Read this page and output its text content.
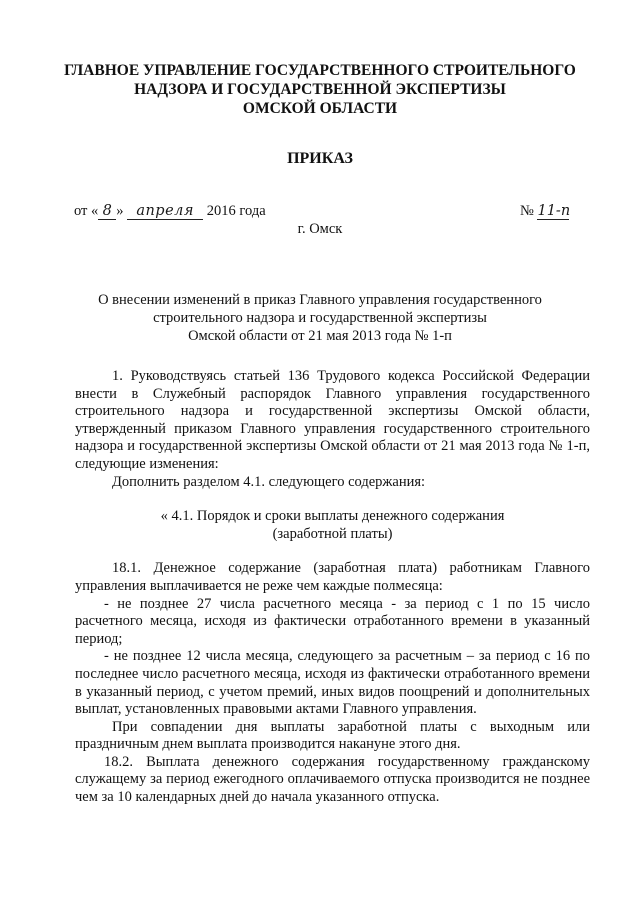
ГЛАВНОЕ УПРАВЛЕНИЕ ГОСУДАРСТВЕННОГО СТРОИТЕЛЬНОГО
НАДЗОРА И ГОСУДАРСТВЕННОЙ ЭКСПЕРТИЗЫ
ОМСКОЙ ОБЛАСТИ
ПРИКАЗ
от « 8 » апреля 2016 года	№ 11-п
г. Омск
О внесении изменений в приказ Главного управления государственного
строительного надзора и государственной экспертизы
Омской области от 21 мая 2013 года № 1-п

1. Руководствуясь статьей 136 Трудового кодекса Российской Федерации внести в Служебный распорядок Главного управления государственного строительного надзора и государственной экспертизы Омской области, утвержденный приказом Главного управления государственного строительного надзора и государственной экспертизы Омской области от 21 мая 2013 года № 1-п, следующие изменения:

Дополнить разделом 4.1. следующего содержания:

« 4.1. Порядок и сроки выплаты денежного содержания
(заработной платы)

18.1. Денежное содержание (заработная плата) работникам Главного управления выплачивается не реже чем каждые полмесяца:

- не позднее 27 числа расчетного месяца - за период с 1 по 15 число расчетного месяца, исходя из фактически отработанного времени в указанный период;

- не позднее 12 числа месяца, следующего за расчетным – за период с 16 по последнее число расчетного месяца, исходя из фактически отработанного времени в указанный период, с учетом премий, иных видов поощрений и дополнительных выплат, установленных правовыми актами Главного управления.

При совпадении дня выплаты заработной платы с выходным или праздничным днем выплата производится накануне этого дня.

18.2. Выплата денежного содержания государственному гражданскому служащему за период ежегодного оплачиваемого отпуска производится не позднее чем за 10 календарных дней до начала указанного отпуска.
